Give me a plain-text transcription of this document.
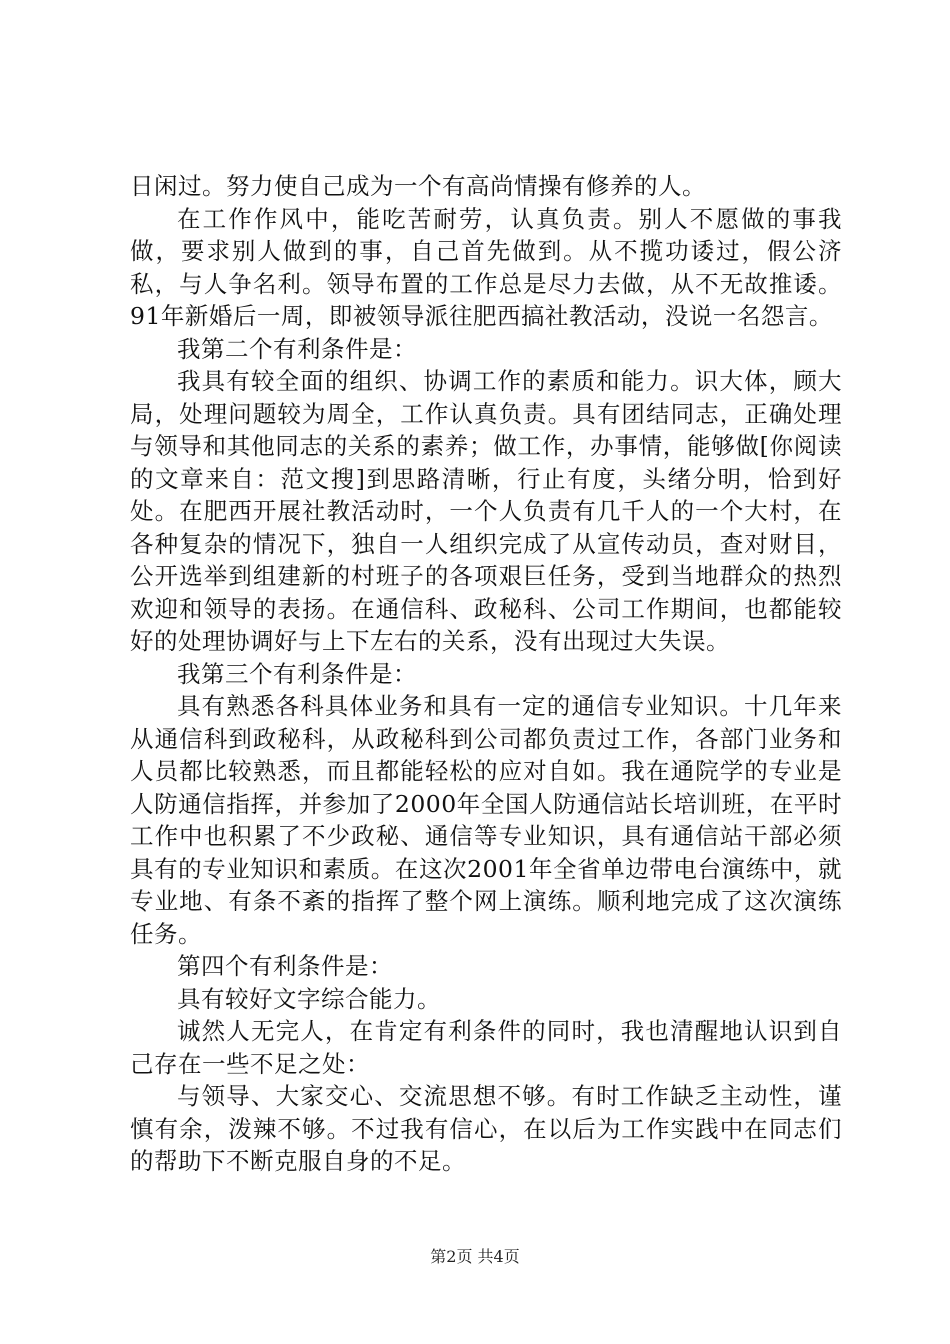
日闲过。努力使自己成为一个有高尚情操有修养的人。

在工作作风中，能吃苦耐劳，认真负责。别人不愿做的事我做，要求别人做到的事，自己首先做到。从不揽功诿过，假公济私，与人争名利。领导布置的工作总是尽力去做，从不无故推诿。91年新婚后一周，即被领导派往肥西搞社教活动，没说一名怨言。

我第二个有利条件是：

我具有较全面的组织、协调工作的素质和能力。识大体，顾大局，处理问题较为周全，工作认真负责。具有团结同志，正确处理与领导和其他同志的关系的素养；做工作，办事情，能够做[你阅读的文章来自：范文搜]到思路清晰，行止有度，头绪分明，恰到好处。在肥西开展社教活动时，一个人负责有几千人的一个大村，在各种复杂的情况下，独自一人组织完成了从宣传动员，查对财目，公开选举到组建新的村班子的各项艰巨任务，受到当地群众的热烈欢迎和领导的表扬。在通信科、政秘科、公司工作期间，也都能较好的处理协调好与上下左右的关系，没有出现过大失误。

我第三个有利条件是：

具有熟悉各科具体业务和具有一定的通信专业知识。十几年来从通信科到政秘科，从政秘科到公司都负责过工作，各部门业务和人员都比较熟悉，而且都能轻松的应对自如。我在通院学的专业是人防通信指挥，并参加了2000年全国人防通信站长培训班，在平时工作中也积累了不少政秘、通信等专业知识，具有通信站干部必须具有的专业知识和素质。在这次2001年全省单边带电台演练中，就专业地、有条不紊的指挥了整个网上演练。顺利地完成了这次演练任务。

第四个有利条件是：

具有较好文字综合能力。

诚然人无完人，在肯定有利条件的同时，我也清醒地认识到自己存在一些不足之处：

与领导、大家交心、交流思想不够。有时工作缺乏主动性，谨慎有余，泼辣不够。不过我有信心，在以后为工作实践中在同志们的帮助下不断克服自身的不足。

第2页 共4页
